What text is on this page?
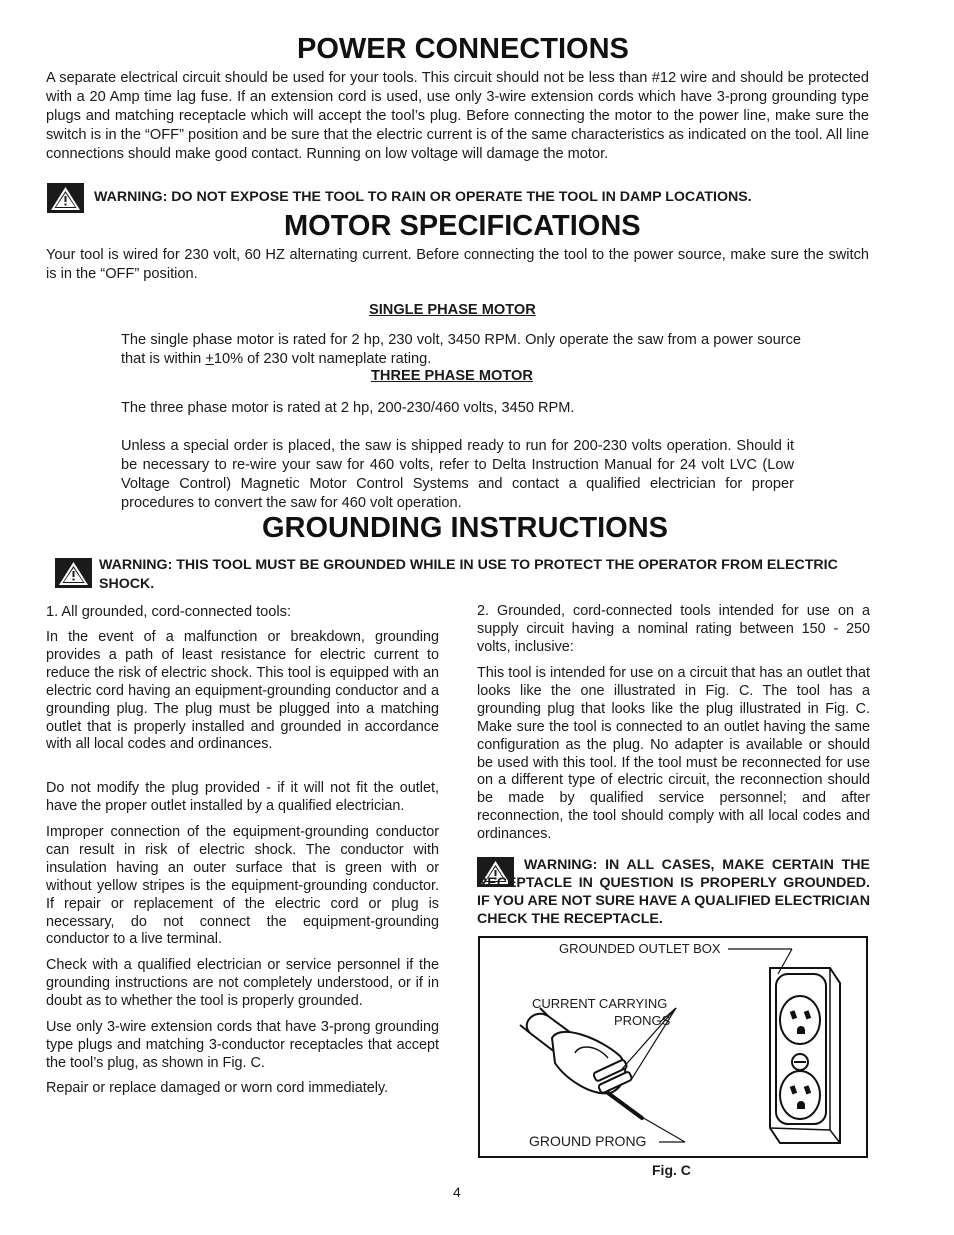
POWER CONNECTIONS

A separate electrical circuit should be used for your tools. This circuit should not be less than #12 wire and should be protected with a 20 Amp time lag fuse. If an extension cord is used, use only 3-wire extension cords which have 3-prong grounding type plugs and matching receptacle which will accept the tool’s plug. Before connecting the motor to the power line, make sure the switch is in the “OFF” position and be sure that the electric current is of the same characteristics as indicated on the tool. All line connections should make good contact. Running on low voltage will damage the motor.

WARNING: DO NOT EXPOSE THE TOOL TO RAIN OR OPERATE THE TOOL IN DAMP LOCATIONS.

MOTOR SPECIFICATIONS

Your tool is wired for 230 volt, 60 HZ alternating current. Before connecting the tool to the power source, make sure the switch is in the “OFF” position.

SINGLE PHASE MOTOR

The single phase motor is rated for 2 hp, 230 volt, 3450 RPM. Only operate the saw from a power source that is within +10% of 230 volt nameplate rating.

THREE PHASE MOTOR

The three phase motor is rated at 2 hp, 200-230/460 volts, 3450 RPM.

Unless a special order is placed, the saw is shipped ready to run for 200-230 volts operation. Should it be necessary to re-wire your saw for 460 volts, refer to Delta Instruction Manual for 24 volt LVC (Low Voltage Control) Magnetic Motor Control Systems and contact a qualified electrician for proper procedures to convert the saw for 460 volt operation.

GROUNDING INSTRUCTIONS

WARNING: THIS TOOL MUST BE GROUNDED WHILE IN USE TO PROTECT THE OPERATOR FROM ELECTRIC SHOCK.

1. All grounded, cord-connected tools:

In the event of a malfunction or breakdown, grounding provides a path of least resistance for electric current to reduce the risk of electric shock. This tool is equipped with an electric cord having an equipment-grounding conductor and a grounding plug. The plug must be plugged into a matching outlet that is properly installed and grounded in accordance with all local codes and ordinances.

Do not modify the plug provided - if it will not fit the outlet, have the proper outlet installed by a qualified electrician.

Improper connection of the equipment-grounding conductor can result in risk of electric shock. The conductor with insulation having an outer surface that is green with or without yellow stripes is the equipment-grounding conductor. If repair or replacement of the electric cord or plug is necessary, do not connect the equipment-grounding conductor to a live terminal.

Check with a qualified electrician or service personnel if the grounding instructions are not completely understood, or if in doubt as to whether the tool is properly grounded.

Use only 3-wire extension cords that have 3-prong grounding type plugs and matching 3-conductor receptacles that accept the tool’s plug, as shown in Fig. C.

Repair or replace damaged or worn cord immediately.

2. Grounded, cord-connected tools intended for use on a supply circuit having a nominal rating between 150 - 250 volts, inclusive:

This tool is intended for use on a circuit that has an outlet that looks like the one illustrated in Fig. C. The tool has a grounding plug that looks like the plug illustrated in Fig. C. Make sure the tool is connected to an outlet having the same configuration as the plug. No adapter is available or should be used with this tool. If the tool must be reconnected for use on a different type of electric circuit, the reconnection should be made by qualified service personnel; and after reconnection, the tool should comply with all local codes and ordinances.

WARNING: IN ALL CASES, MAKE CERTAIN THE RECEPTACLE IN QUESTION IS PROPERLY GROUNDED. IF YOU ARE NOT SURE HAVE A QUALIFIED ELECTRICIAN CHECK THE RECEPTACLE.

GROUNDED OUTLET BOX
CURRENT CARRYING
PRONGS
GROUND PRONG
Fig. C
4
